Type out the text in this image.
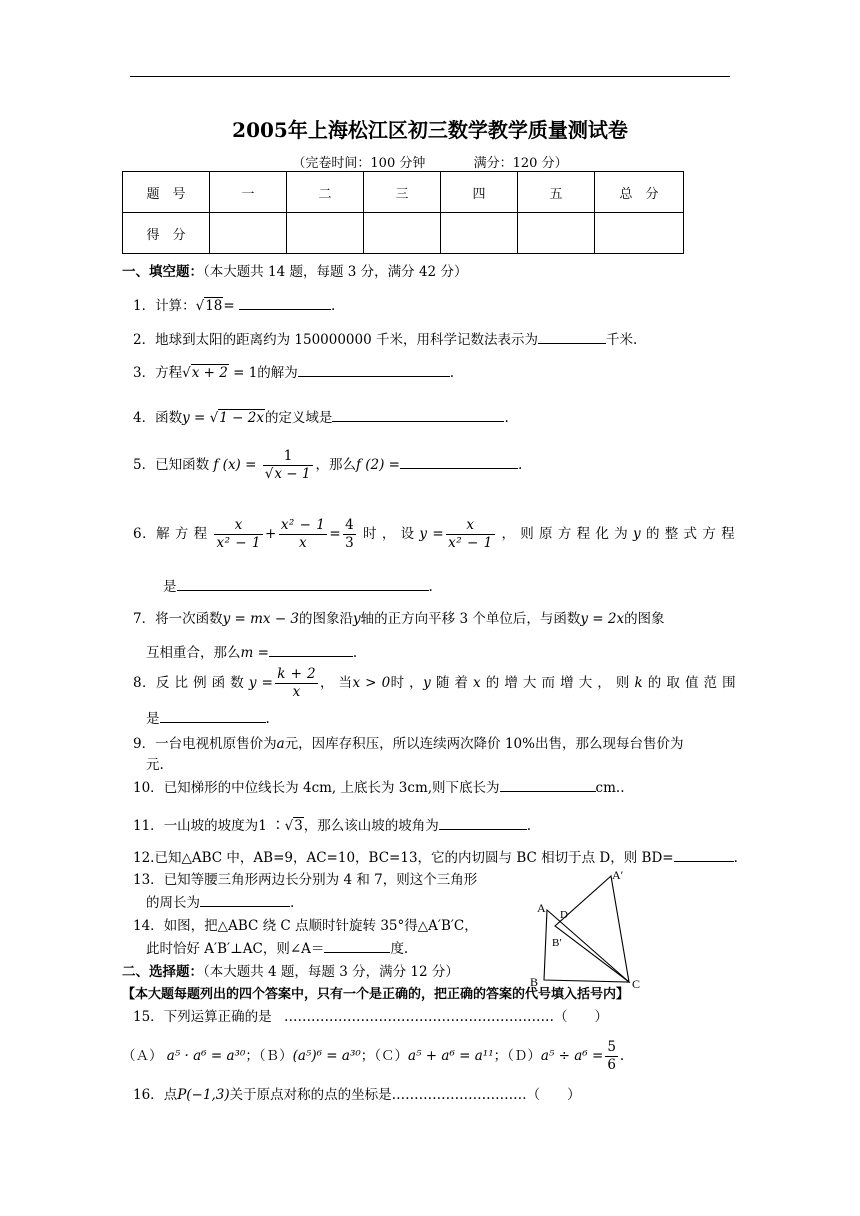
2005年上海松江区初三数学教学质量测试卷
（完卷时间：100 分钟	满分：120 分）
题　号	一	二	三	四	五	总　分
得　分						
一、填空题：（本大题共 14 题，每题 3 分，满分 42 分）
1．计算：√18=	.
2．地球到太阳的距离约为 150000000 千米，用科学记数法表示为	千米.
3．方程√x + 2 = 1的解为	.
4．函数y = √1 − 2x的定义域是	.
5．已知函数 f $(x) = \frac{1}{√x - 1}$ ，那么f (2) =	.
6．解 方 程 $\frac{x}{\text{x² − 1}} + \frac{\text{x² − 1}}{x} = \frac{4}{3}$ 时 ， 设 $y = \frac{x}{\text{x² − 1}}$ ， 则 原 方 程 化 为 y 的 整 式 方 程
是	.
7．将一次函数y = mx − 3的图象沿y轴的正方向平移 3 个单位后，与函数y = 2x的图象
互相重合，那么m =	.
8．反 比 例 函 数 $y = \frac{k + 2}{x}$ ， 当x > 0时 ，y 随 着 x 的 增 大 而 增 大 ， 则 k 的 取 值 范 围
是	.
9．一台电视机原售价为a元，因库存积压，所以连续两次降价 10%出售，那么现每台售价为
元.
10．已知梯形的中位线长为 4cm, 上底长为 3cm,则下底长为	cm..
11．一山坡的坡度为1 ∶√3，那么该山坡的坡角为	.
12.已知△ABC 中，AB=9，AC=10，BC=13，它的内切圆与 BC 相切于点 D，则 BD=	.
13．已知等腰三角形两边长分别为 4 和 7，则这个三角形
的周长为	.
14．如图，把△ABC 绕 C 点顺时针旋转 35°得△A′B′C，
此时恰好 A′B′⊥AC，则∠A＝	度.
A′
A D
B′
B	C
二、选择题：（本大题共 4 题，每题 3 分，满分 12 分）
【本大题每题列出的四个答案中，只有一个是正确的，把正确的答案的代号填入括号内】
15．下列运算正确的是 ……………………………………………………（　　）
（Ａ） a⁵ · a⁶ = a³⁰；（Ｂ）(a⁵)⁶ = a³⁰；（Ｃ）a⁵ + a⁶ = a¹¹；（Ｄ）a⁵ ÷ $a^6 = \frac{5}{6}$ .
16．点P(−1,3)关于原点对称的点的坐标是…………………………（　　）
